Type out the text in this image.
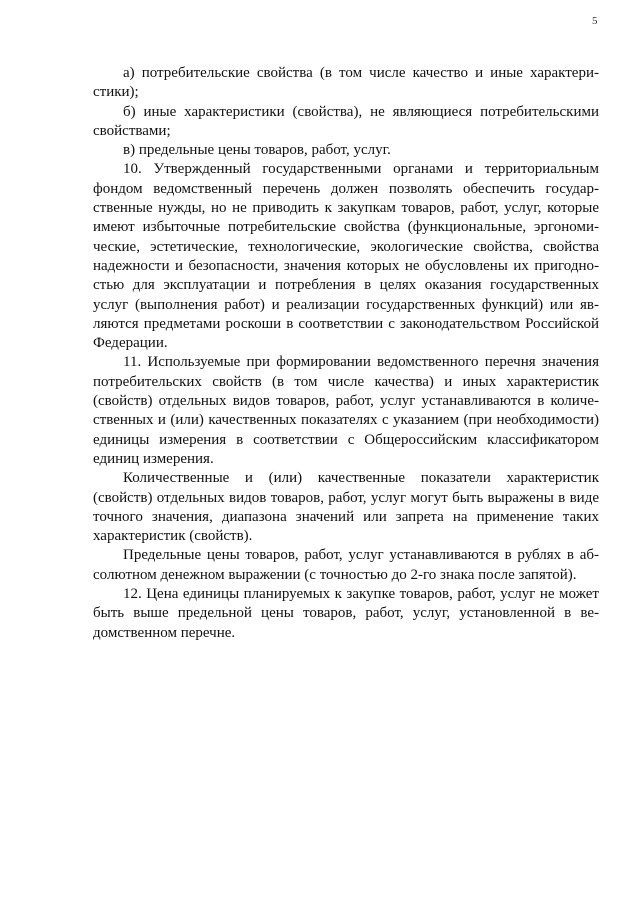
5

а) потребительские свойства (в том числе качество и иные характеристики);

б) иные характеристики (свойства), не являющиеся потребительскими свойствами;

в) предельные цены товаров, работ, услуг.

10. Утвержденный государственными органами и территориальным фондом ведомственный перечень должен позволять обеспечить государственные нужды, но не приводить к закупкам товаров, работ, услуг, которые имеют избыточные потребительские свойства (функциональные, эргономические, эстетические, технологические, экологические свойства, свойства надежности и безопасности, значения которых не обусловлены их пригодностью для эксплуатации и потребления в целях оказания государственных услуг (выполнения работ) и реализации государственных функций) или являются предметами роскоши в соответствии с законодательством Российской Федерации.

11. Используемые при формировании ведомственного перечня значения потребительских свойств (в том числе качества) и иных характеристик (свойств) отдельных видов товаров, работ, услуг устанавливаются в количественных и (или) качественных показателях с указанием (при необходимости) единицы измерения в соответствии с Общероссийским классификатором единиц измерения.

Количественные и (или) качественные показатели характеристик (свойств) отдельных видов товаров, работ, услуг могут быть выражены в виде точного значения, диапазона значений или запрета на применение таких характеристик (свойств).

Предельные цены товаров, работ, услуг устанавливаются в рублях в абсолютном денежном выражении (с точностью до 2-го знака после запятой).

12. Цена единицы планируемых к закупке товаров, работ, услуг не может быть выше предельной цены товаров, работ, услуг, установленной в ведомственном перечне.
